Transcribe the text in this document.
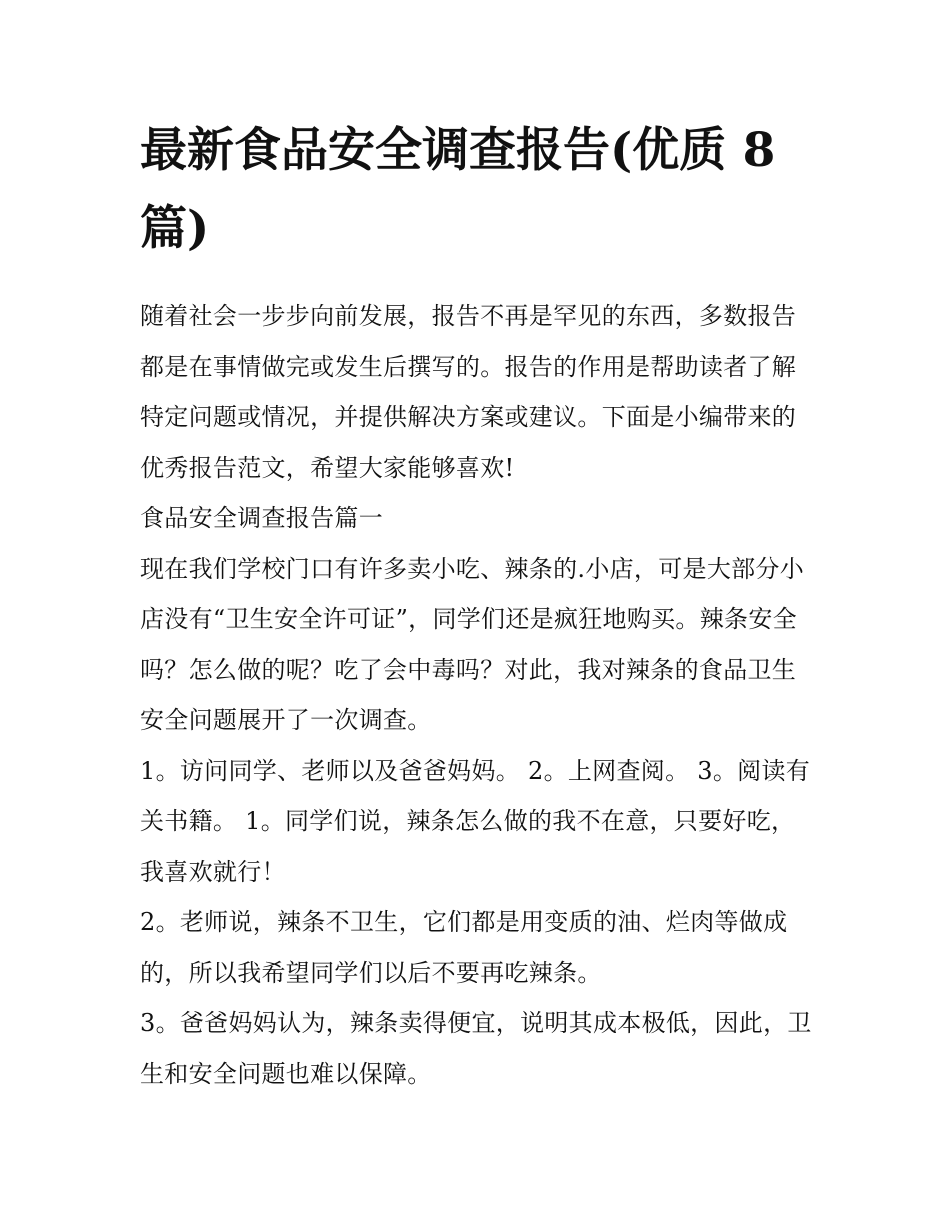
最新食品安全调查报告(优质 8 篇)

随着社会一步步向前发展，报告不再是罕见的东西，多数报告都是在事情做完或发生后撰写的。报告的作用是帮助读者了解特定问题或情况，并提供解决方案或建议。下面是小编带来的优秀报告范文，希望大家能够喜欢!

食品安全调查报告篇一

现在我们学校门口有许多卖小吃、辣条的.小店，可是大部分小店没有“卫生安全许可证”，同学们还是疯狂地购买。辣条安全吗？怎么做的呢？吃了会中毒吗？对此，我对辣条的食品卫生安全问题展开了一次调查。

1。访问同学、老师以及爸爸妈妈。 2。上网查阅。 3。阅读有关书籍。 1。同学们说，辣条怎么做的我不在意，只要好吃，我喜欢就行！

2。老师说，辣条不卫生，它们都是用变质的油、烂肉等做成的，所以我希望同学们以后不要再吃辣条。

3。爸爸妈妈认为，辣条卖得便宜，说明其成本极低，因此，卫生和安全问题也难以保障。
